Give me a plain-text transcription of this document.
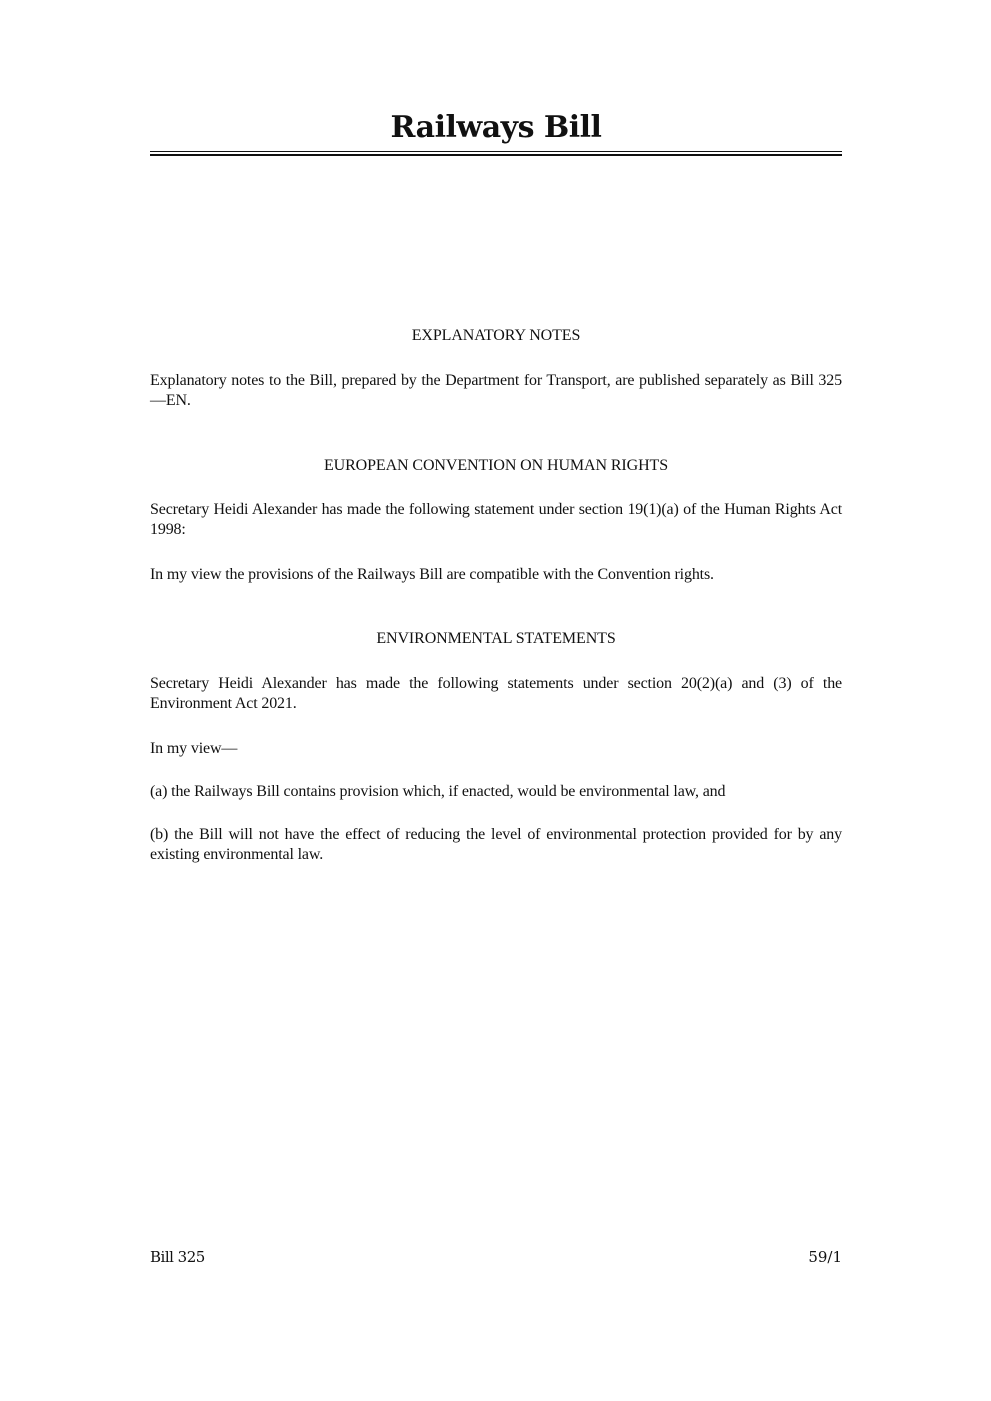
Railways Bill
EXPLANATORY NOTES
Explanatory notes to the Bill, prepared by the Department for Transport, are published separately as Bill 325—EN.
EUROPEAN CONVENTION ON HUMAN RIGHTS
Secretary Heidi Alexander has made the following statement under section 19(1)(a) of the Human Rights Act 1998:
In my view the provisions of the Railways Bill are compatible with the Convention rights.
ENVIRONMENTAL STATEMENTS
Secretary Heidi Alexander has made the following statements under section 20(2)(a) and (3) of the Environment Act 2021.
In my view—
(a) the Railways Bill contains provision which, if enacted, would be environmental law, and
(b) the Bill will not have the effect of reducing the level of environmental protection provided for by any existing environmental law.
Bill 325	59/1
